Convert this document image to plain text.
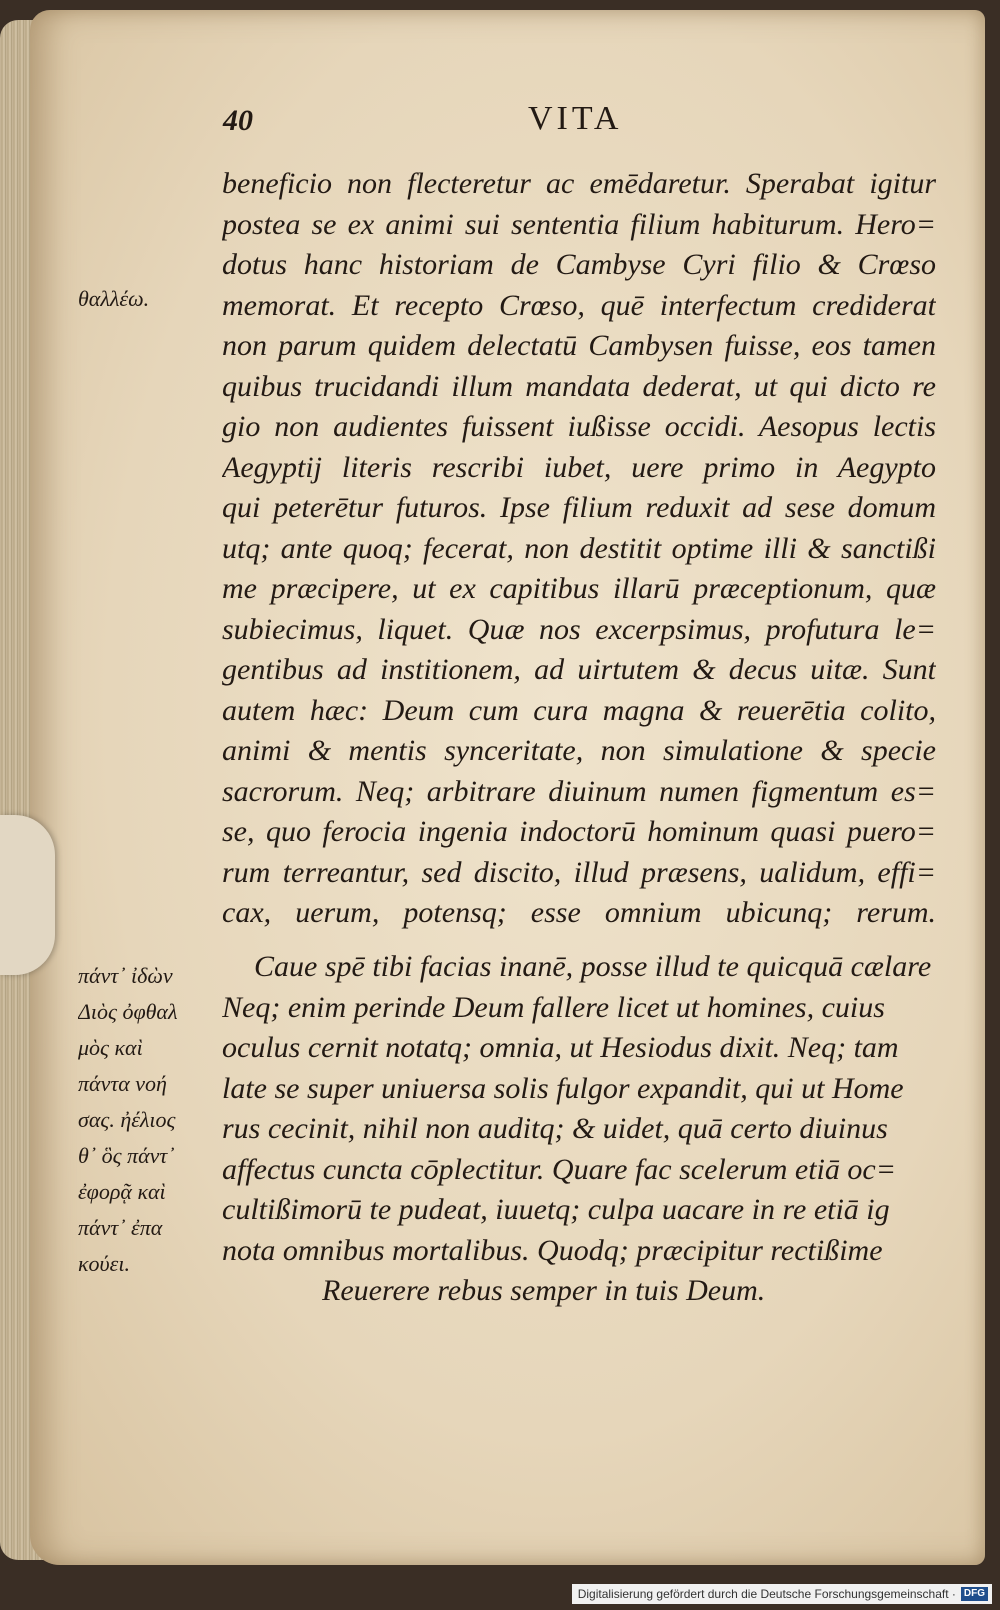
40	VITA
beneficio non flecteretur ac emēdaretur. Sperabat igitur
postea se ex animi sui sententia filium habiturum. Hero=
dotus hanc historiam de Cambyse Cyri filio & Crœso
memorat. Et recepto Crœso, quē interfectum crediderat
non parum quidem delectatū Cambysen fuisse, eos tamen
quibus trucidandi illum mandata dederat, ut qui dicto re
gio non audientes fuissent iußisse occidi. Aesopus lectis
Aegyptij literis rescribi iubet, uere primo in Aegypto
qui peterētur futuros. Ipse filium reduxit ad sese domum
utq; ante quoq; fecerat, non destitit optime illi & sanctißi
me præcipere, ut ex capitibus illarū præceptionum, quæ
subiecimus, liquet. Quæ nos excerpsimus, profutura le=
gentibus ad institionem, ad uirtutem & decus uitæ. Sunt
autem hæc: Deum cum cura magna & reuerētia colito,
animi & mentis synceritate, non simulatione & specie
sacrorum. Neq; arbitrare diuinum numen figmentum es=
se, quo ferocia ingenia indoctorū hominum quasi puero=
rum terreantur, sed discito, illud præsens, ualidum, effi=
cax, uerum, potensq; esse omnium ubicunq; rerum.
Caue spē tibi facias inanē, posse illud te quicquā cælare
Neq; enim perinde Deum fallere licet ut homines, cuius
oculus cernit notatq; omnia, ut Hesiodus dixit. Neq; tam
late se super uniuersa solis fulgor expandit, qui ut Home
rus cecinit, nihil non auditq; & uidet, quā certo diuinus
affectus cuncta cōplectitur. Quare fac scelerum etiā oc=
cultißimorū te pudeat, iuuetq; culpa uacare in re etiā ig
nota omnibus mortalibus. Quodq; præcipitur rectißime
Reuerere rebus semper in tuis Deum.
θαλλέω.
πάντ᾽ ἰδὼν
Διὸς ὀφθαλ
μὸς καὶ
πάντα νοή
σας. ἠέλιος
θ᾽ ὃς πάντ᾽
ἐφορᾷ καὶ
πάντ᾽ ἐπα
κούει.
Digitalisierung gefördert durch die Deutsche Forschungsgemeinschaft · DFG
